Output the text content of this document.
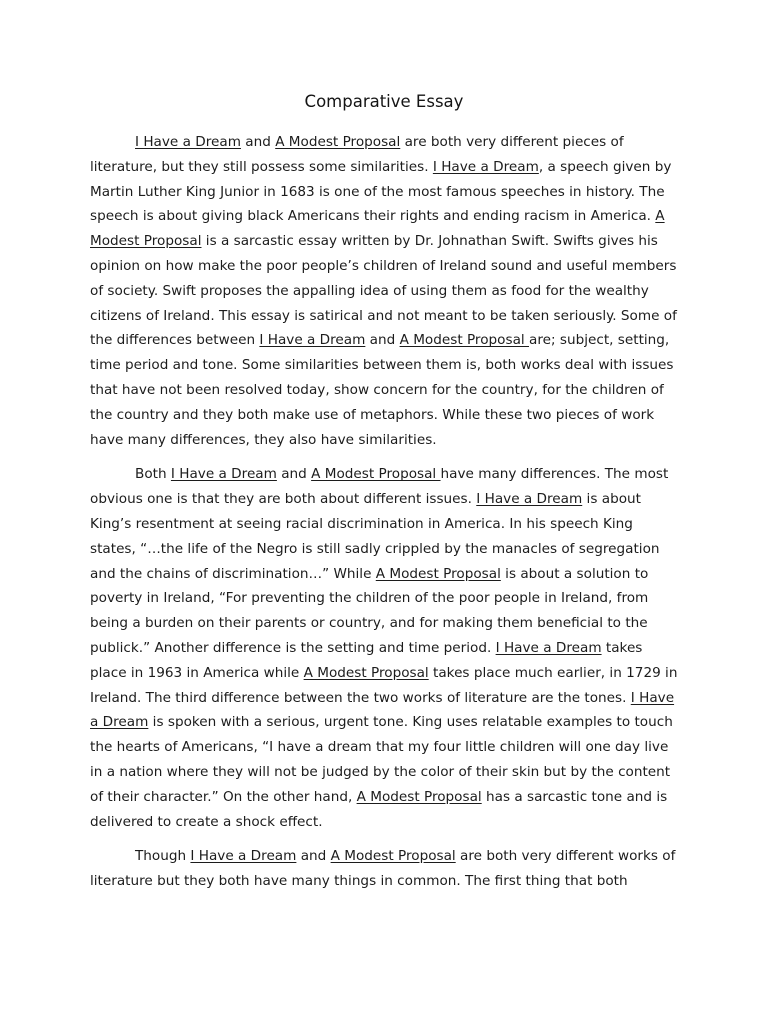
Comparative Essay

I Have a Dream and A Modest Proposal are both very different pieces of literature, but they still possess some similarities. I Have a Dream, a speech given by Martin Luther King Junior in 1683 is one of the most famous speeches in history. The speech is about giving black Americans their rights and ending racism in America. A Modest Proposal is a sarcastic essay written by Dr. Johnathan Swift. Swifts gives his opinion on how make the poor people’s children of Ireland sound and useful members of society. Swift proposes the appalling idea of using them as food for the wealthy citizens of Ireland. This essay is satirical and not meant to be taken seriously. Some of the differences between I Have a Dream and A Modest Proposal are; subject, setting, time period and tone. Some similarities between them is, both works deal with issues that have not been resolved today, show concern for the country, for the children of the country and they both make use of metaphors. While these two pieces of work have many differences, they also have similarities.

Both I Have a Dream and A Modest Proposal have many differences. The most obvious one is that they are both about different issues. I Have a Dream is about King’s resentment at seeing racial discrimination in America. In his speech King states, “…the life of the Negro is still sadly crippled by the manacles of segregation and the chains of discrimination…” While A Modest Proposal is about a solution to poverty in Ireland, “For preventing the children of the poor people in Ireland, from being a burden on their parents or country, and for making them beneficial to the publick.” Another difference is the setting and time period. I Have a Dream takes place in 1963 in America while A Modest Proposal takes place much earlier, in 1729 in Ireland. The third difference between the two works of literature are the tones. I Have a Dream is spoken with a serious, urgent tone. King uses relatable examples to touch the hearts of Americans, “I have a dream that my four little children will one day live in a nation where they will not be judged by the color of their skin but by the content of their character.” On the other hand, A Modest Proposal has a sarcastic tone and is delivered to create a shock effect.

Though I Have a Dream and A Modest Proposal are both very different works of literature but they both have many things in common. The first thing that both
